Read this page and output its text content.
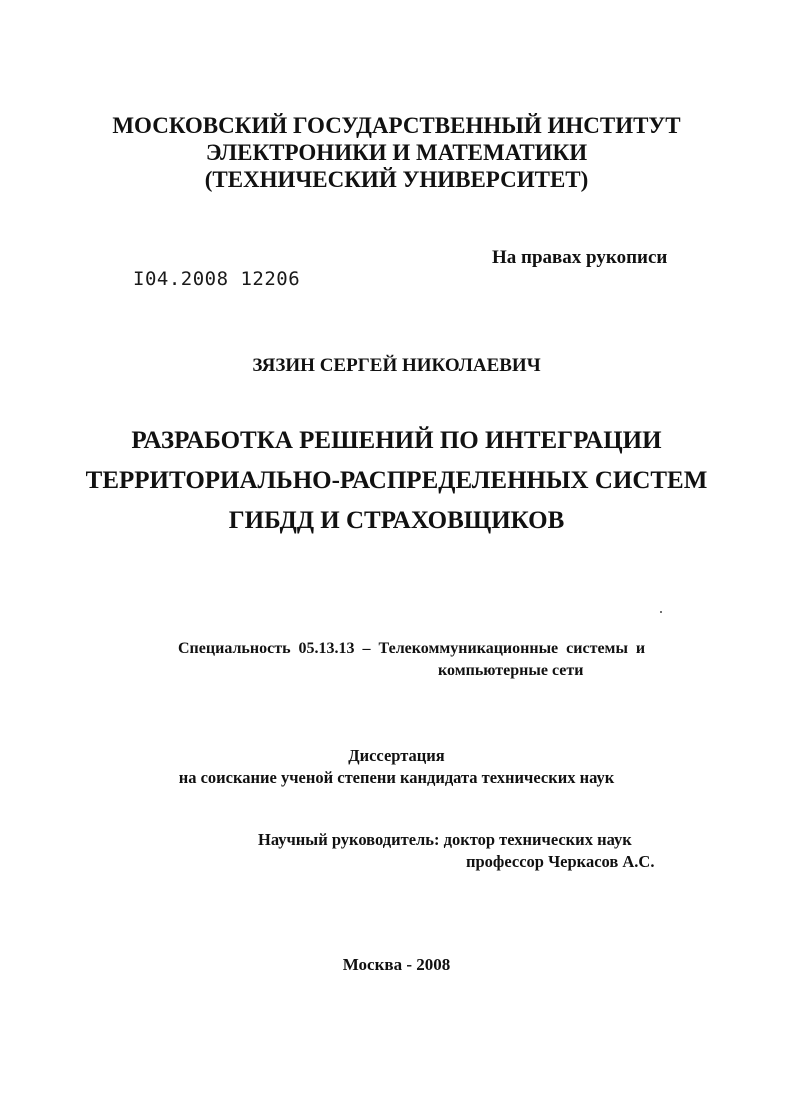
МОСКОВСКИЙ ГОСУДАРСТВЕННЫЙ ИНСТИТУТ
ЭЛЕКТРОНИКИ И МАТЕМАТИКИ
(ТЕХНИЧЕСКИЙ УНИВЕРСИТЕТ)
I04.2008 12206
На правах рукописи
ЗЯЗИН СЕРГЕЙ НИКОЛАЕВИЧ
РАЗРАБОТКА РЕШЕНИЙ ПО ИНТЕГРАЦИИ
ТЕРРИТОРИАЛЬНО-РАСПРЕДЕЛЕННЫХ СИСТЕМ
ГИБДД И СТРАХОВЩИКОВ
Специальность  05.13.13  –  Телекоммуникационные  системы  и
компьютерные сети
Диссертация
на соискание ученой степени кандидата технических наук
Научный руководитель: доктор технических наук
профессор Черкасов А.С.
Москва - 2008
